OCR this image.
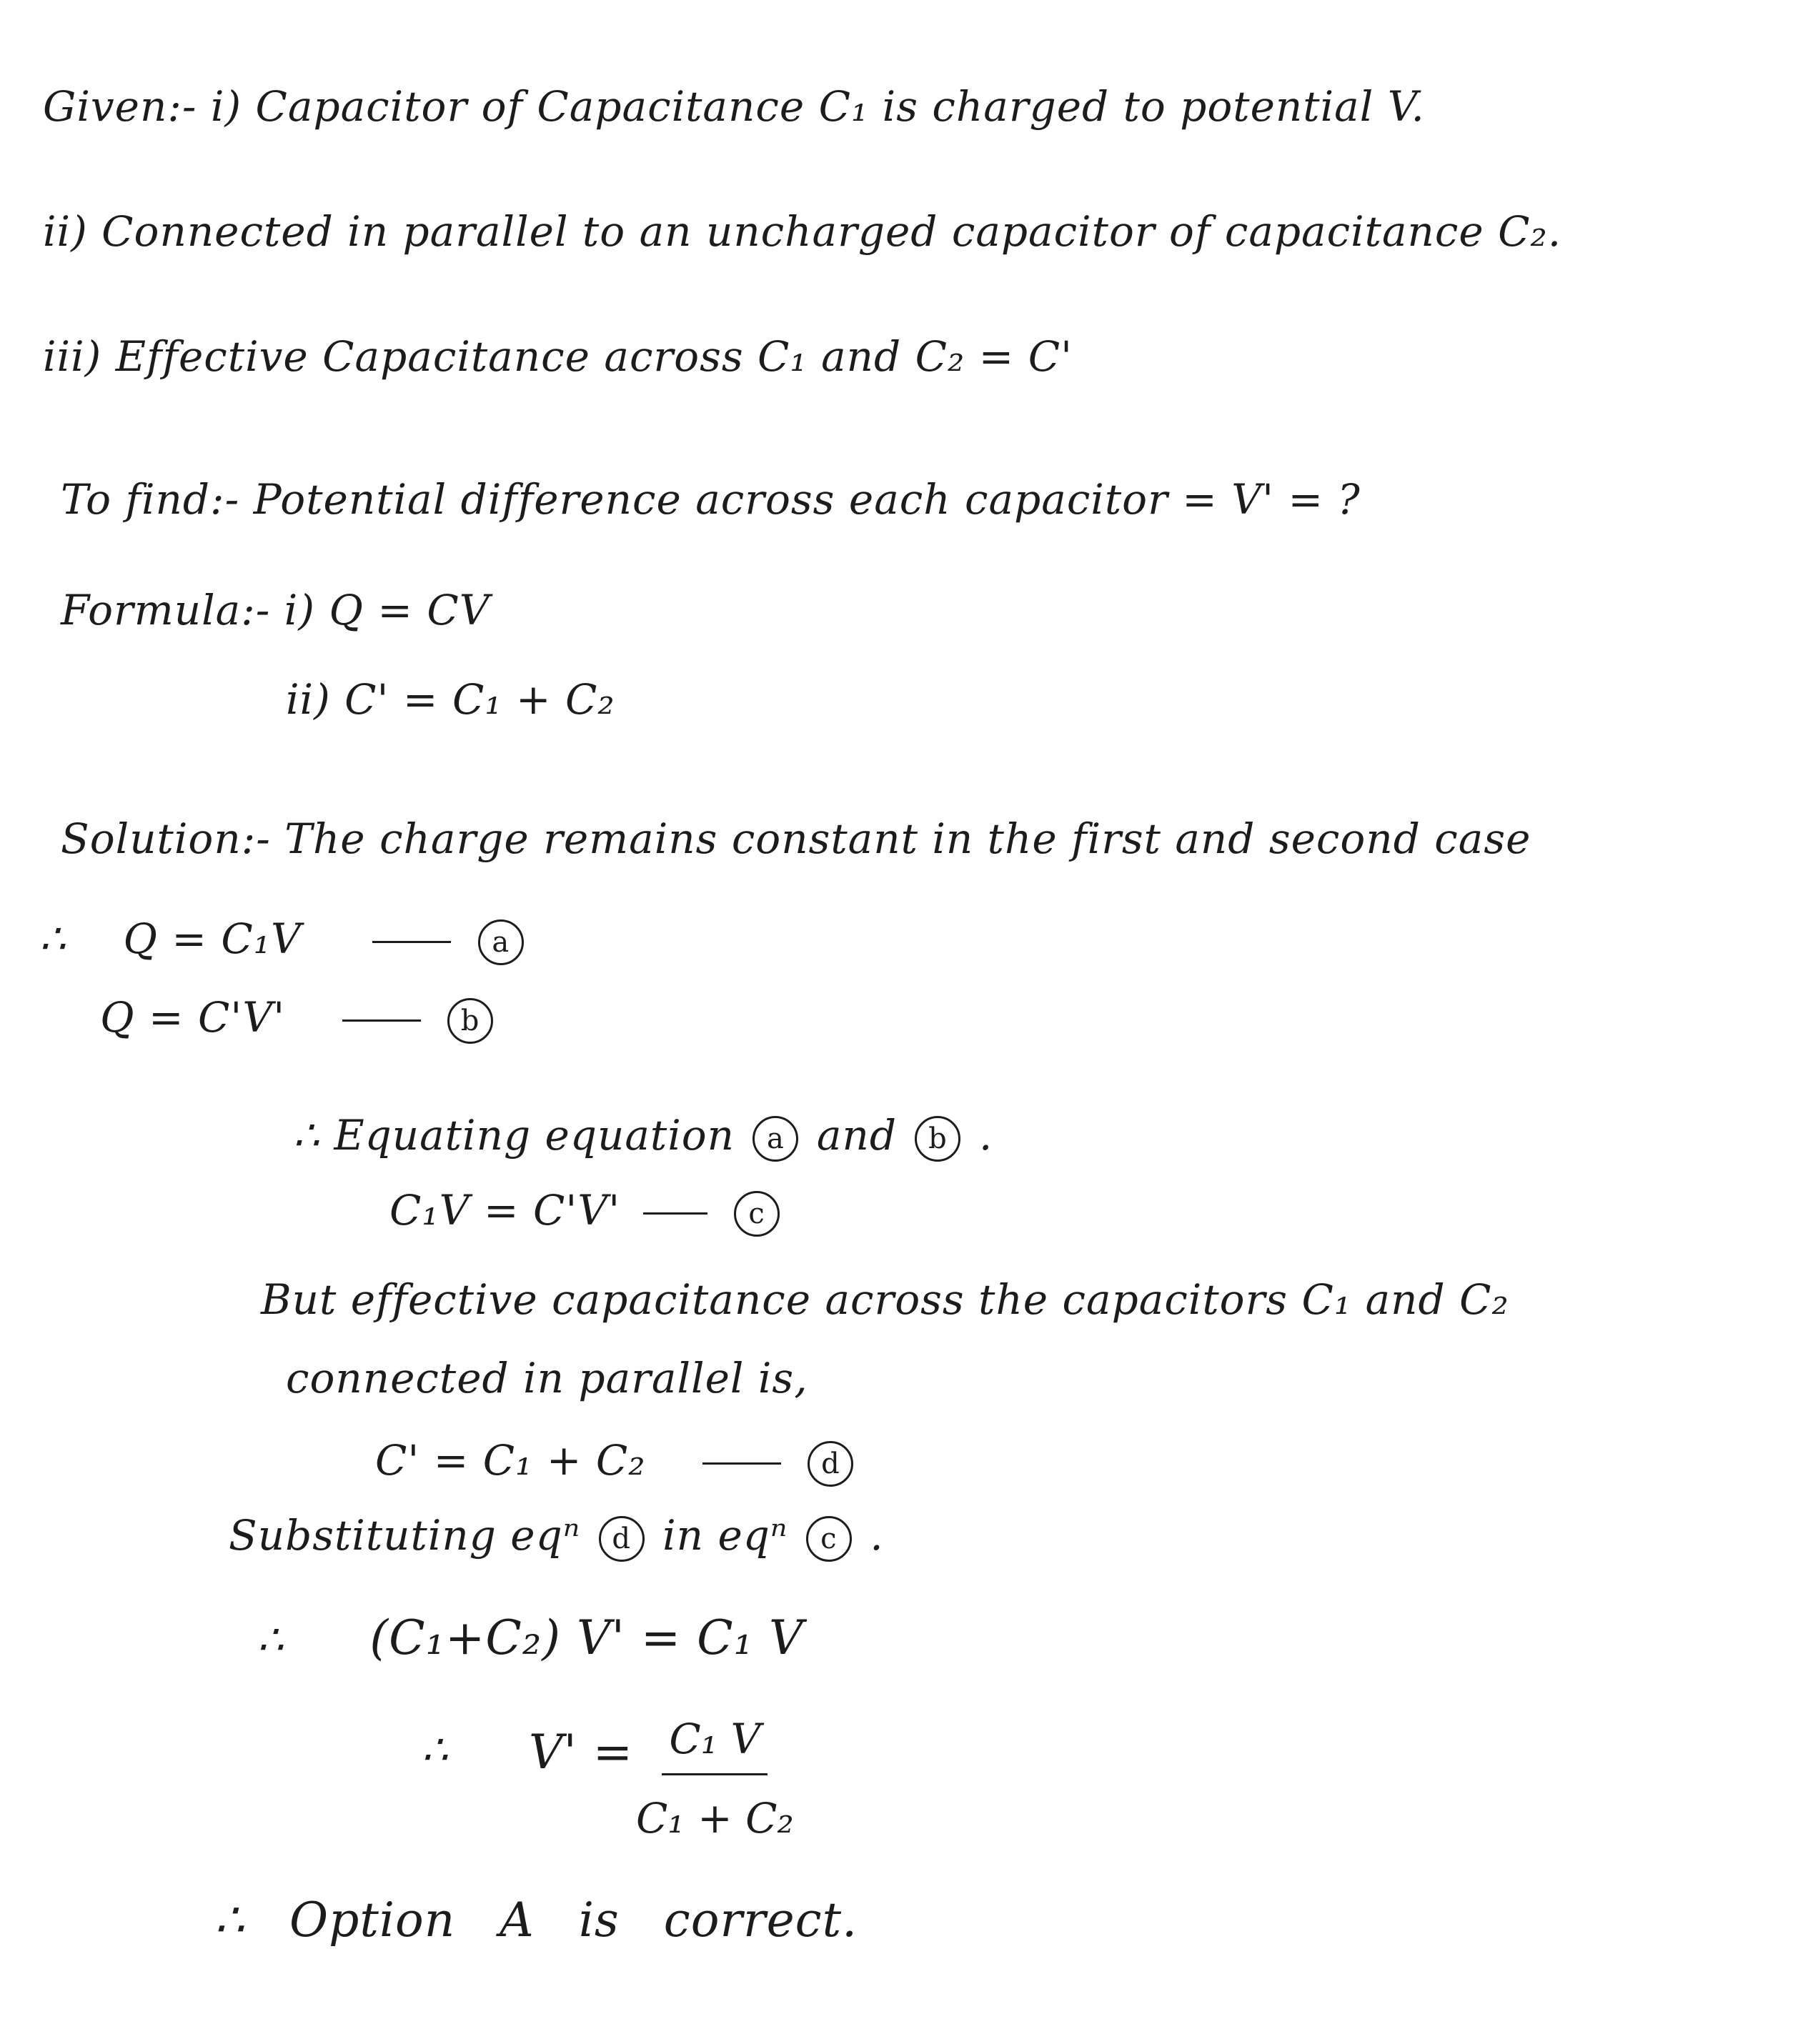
Given:- i) Capacitor of Capacitance C₁ is charged to potential V.
ii) Connected in parallel to an uncharged capacitor of capacitance C₂.
iii) Effective Capacitance across C₁ and C₂ = C'
To find:- Potential difference across each capacitor = V' = ?
Formula:- i) Q = CV
ii) C' = C₁ + C₂
Solution:- The charge remains constant in the first and second case
∴ Q = C₁V	a
Q = C'V'	b
∴ Equating equation a and b .
C₁V = C'V'	c
But effective capacitance across the capacitors C₁ and C₂
connected in parallel is,
C' = C₁ + C₂	d
Substituting eqⁿ d in eqⁿ c .
∴ (C₁+C₂) V' = C₁ V
∴ $V' = \frac{\text{C₁ V}}{\text{C₁ + C₂}}$
∴ Option A is correct.
